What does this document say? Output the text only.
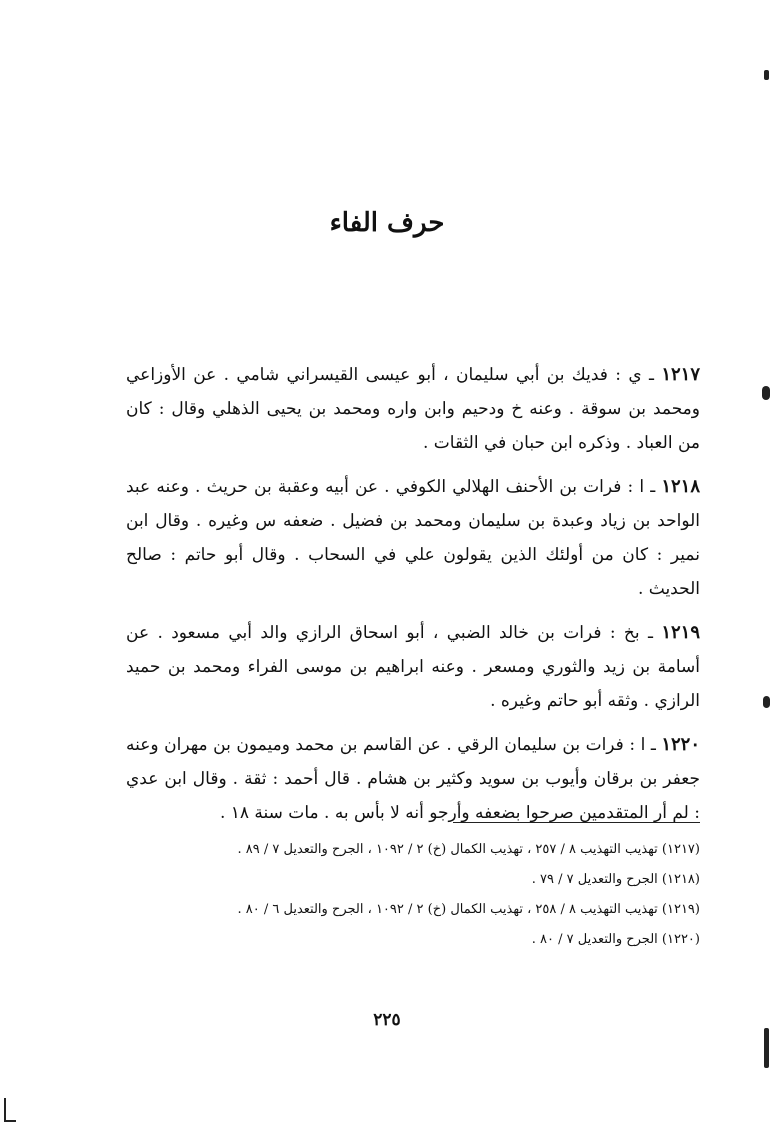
حرف الفاء

١٢١٧ ـ ي : فديك بن أبي سليمان ، أبو عيسى القيسراني شامي . عن الأوزاعي ومحمد بن سوقة . وعنه خ ودحيم وابن واره ومحمد بن يحيى الذهلي وقال : كان من العباد . وذكره ابن حبان في الثقات .

١٢١٨ ـ ا : فرات بن الأحنف الهلالي الكوفي . عن أبيه وعقبة بن حريث . وعنه عبد الواحد بن زياد وعبدة بن سليمان ومحمد بن فضيل . ضعفه س وغيره . وقال ابن نمير : كان من أولئك الذين يقولون علي في السحاب . وقال أبو حاتم : صالح الحديث .

١٢١٩ ـ بخ : فرات بن خالد الضبي ، أبو اسحاق الرازي والد أبي مسعود . عن أسامة بن زيد والثوري ومسعر . وعنه ابراهيم بن موسى الفراء ومحمد بن حميد الرازي . وثقه أبو حاتم وغيره .

١٢٢٠ ـ ا : فرات بن سليمان الرقي . عن القاسم بن محمد وميمون بن مهران وعنه جعفر بن برقان وأيوب بن سويد وكثير بن هشام . قال أحمد : ثقة . وقال ابن عدي : لم أر المتقدمين صرحوا بضعفه وأرجو أنه لا بأس به . مات سنة ١٨ .

(١٢١٧) تهذيب التهذيب ٨ / ٢٥٧ ، تهذيب الكمال (خ) ٢ / ١٠٩٢ ، الجرح والتعديل ٧ / ٨٩ .

(١٢١٨) الجرح والتعديل ٧ / ٧٩ .

(١٢١٩) تهذيب التهذيب ٨ / ٢٥٨ ، تهذيب الكمال (خ) ٢ / ١٠٩٢ ، الجرح والتعديل ٦ / ٨٠ .

(١٢٢٠) الجرح والتعديل ٧ / ٨٠ .

٢٢٥
